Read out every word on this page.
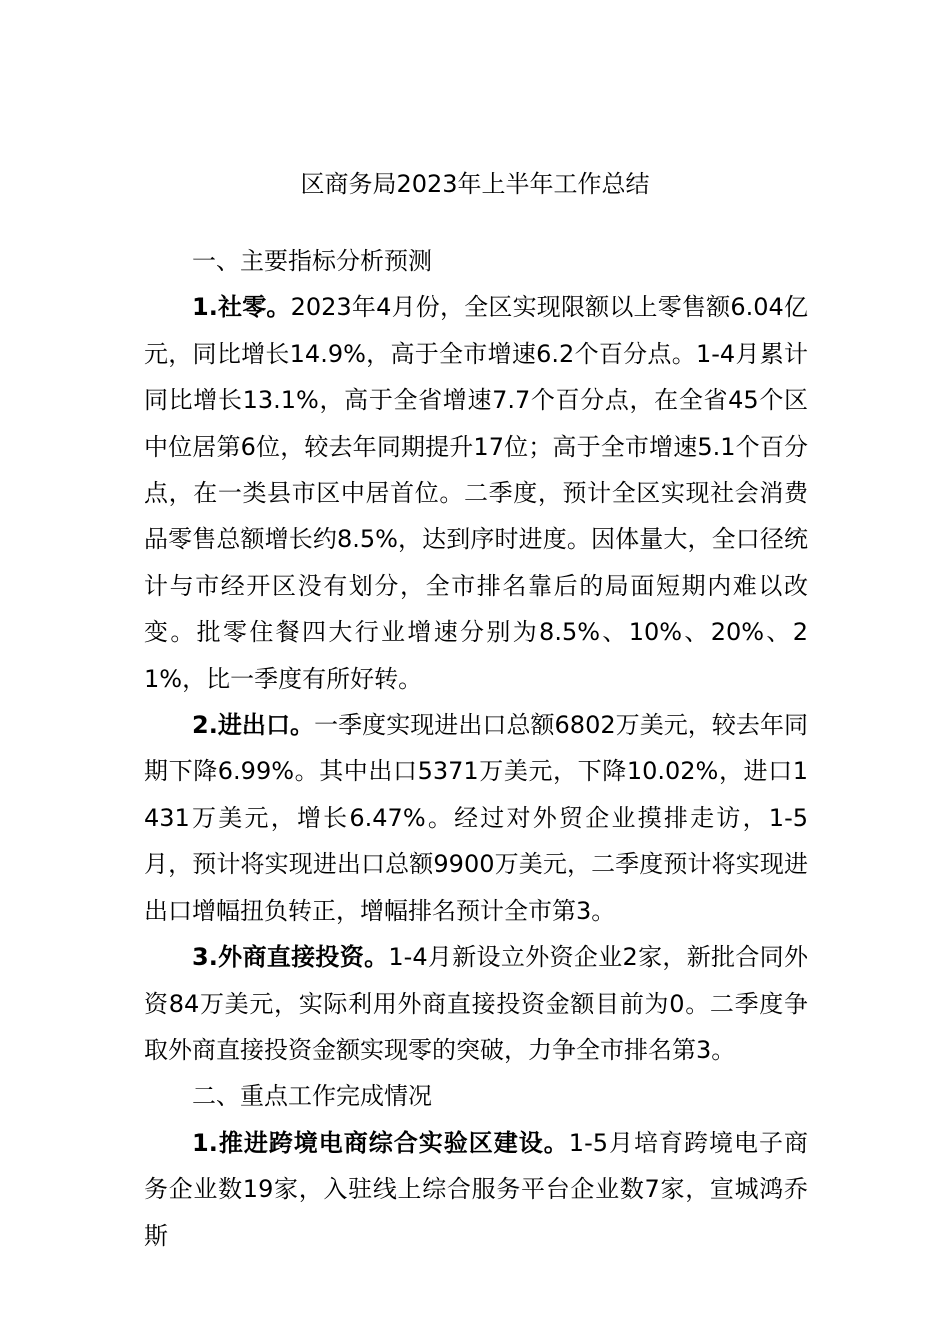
区商务局2023年上半年工作总结

一、主要指标分析预测

1.社零。2023年4月份，全区实现限额以上零售额6.04亿元，同比增长14.9%，高于全市增速6.2个百分点。1-4月累计同比增长13.1%，高于全省增速7.7个百分点，在全省45个区中位居第6位，较去年同期提升17位；高于全市增速5.1个百分点，在一类县市区中居首位。二季度，预计全区实现社会消费品零售总额增长约8.5%，达到序时进度。因体量大，全口径统计与市经开区没有划分，全市排名靠后的局面短期内难以改变。批零住餐四大行业增速分别为8.5%、10%、20%、21%，比一季度有所好转。

2.进出口。一季度实现进出口总额6802万美元，较去年同期下降6.99%。其中出口5371万美元，下降10.02%，进口1431万美元，增长6.47%。经过对外贸企业摸排走访，1-5月，预计将实现进出口总额9900万美元，二季度预计将实现进出口增幅扭负转正，增幅排名预计全市第3。

3.外商直接投资。1-4月新设立外资企业2家，新批合同外资84万美元，实际利用外商直接投资金额目前为0。二季度争取外商直接投资金额实现零的突破，力争全市排名第3。

二、重点工作完成情况

1.推进跨境电商综合实验区建设。1-5月培育跨境电子商务企业数19家，入驻线上综合服务平台企业数7家，宣城鸿乔斯
